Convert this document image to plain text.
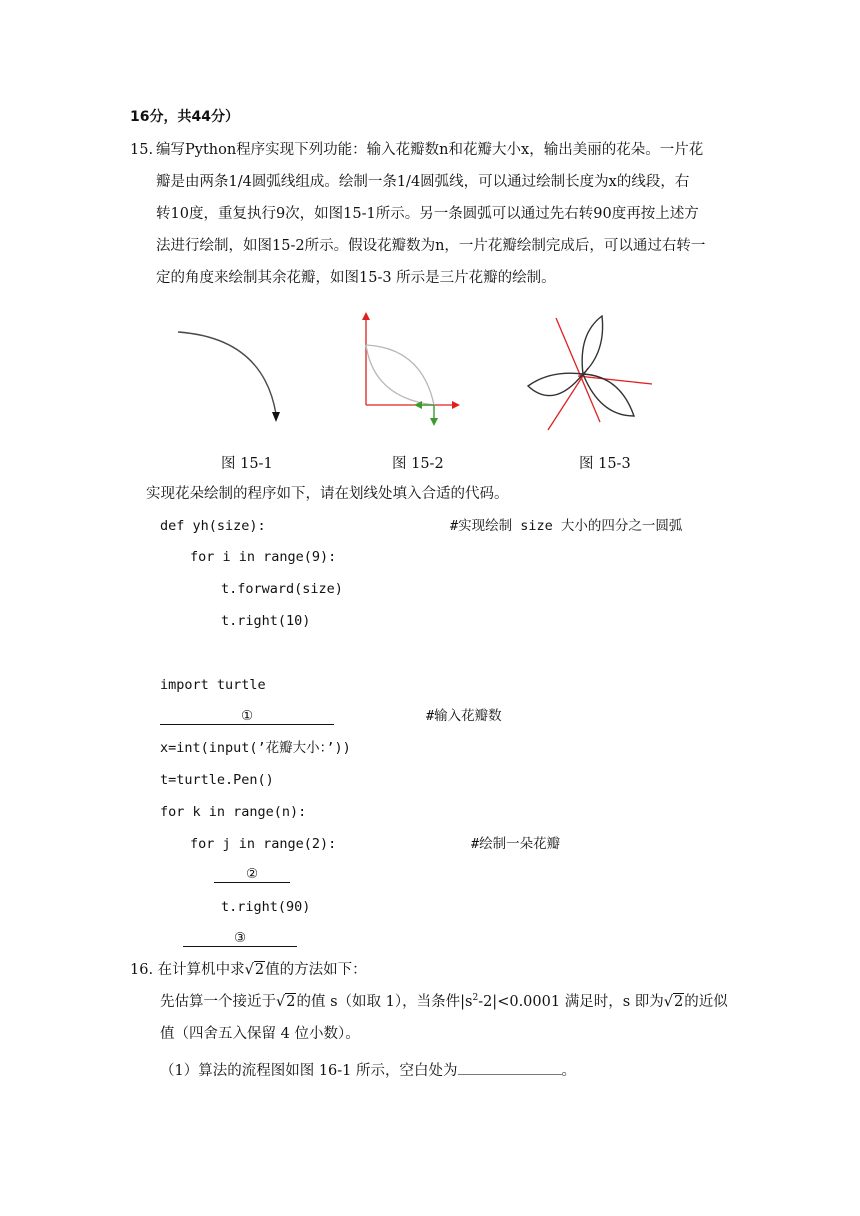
16分，共44分）
15. 编写Python程序实现下列功能：输入花瓣数n和花瓣大小x，输出美丽的花朵。一片花
瓣是由两条1/4圆弧线组成。绘制一条1/4圆弧线，可以通过绘制长度为x的线段，右
转10度，重复执行9次，如图15-1所示。另一条圆弧可以通过先右转90度再按上述方
法进行绘制，如图15-2所示。假设花瓣数为n，一片花瓣绘制完成后，可以通过右转一
定的角度来绘制其余花瓣，如图15-3 所示是三片花瓣的绘制。
图 15-1	图 15-2	图 15-3
实现花朵绘制的程序如下，请在划线处填入合适的代码。
def yh(size):	#实现绘制 size 大小的四分之一圆弧
for i in range(9):
t.forward(size)
t.right(10)
import turtle
①	#输入花瓣数
x=int(input(’花瓣大小：’))
t=turtle.Pen()
for k in range(n):
for j in range(2):	#绘制一朵花瓣
②
t.right(90)
③
16. 在计算机中求√2值的方法如下：
先估算一个接近于√2的值 s（如取 1），当条件$|s^2-2|<0.0001$ 满足时，s 即为√2的近似
值（四舍五入保留 4 位小数）。
（1）算法的流程图如图 16-1 所示，空白处为	。
